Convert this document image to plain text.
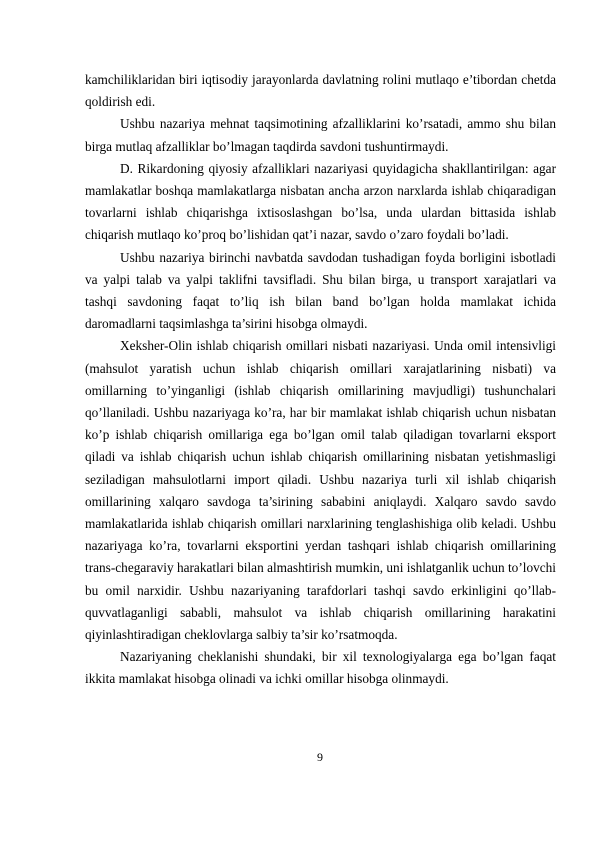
kamchiliklaridan biri iqtisodiy jarayonlarda davlatning rolini mutlaqo e’tibordan chetda qoldirish edi.

Ushbu nazariya mehnat taqsimotining afzalliklarini ko’rsatadi, ammo shu bilan birga mutlaq afzalliklar bo’lmagan taqdirda savdoni tushuntirmaydi.

D. Rikardoning qiyosiy afzalliklari nazariyasi quyidagicha shakllantirilgan: agar mamlakatlar boshqa mamlakatlarga nisbatan ancha arzon narxlarda ishlab chiqaradigan tovarlarni ishlab chiqarishga ixtisoslashgan bo’lsa, unda ulardan bittasida ishlab chiqarish mutlaqo ko’proq bo’lishidan qat’i nazar, savdo o’zaro foydali bo’ladi.

Ushbu nazariya birinchi navbatda savdodan tushadigan foyda borligini isbotladi va yalpi talab va yalpi taklifni tavsifladi. Shu bilan birga, u transport xarajatlari va tashqi savdoning faqat to’liq ish bilan band bo’lgan holda mamlakat ichida daromadlarni taqsimlashga ta’sirini hisobga olmaydi.

Xeksher-Olin ishlab chiqarish omillari nisbati nazariyasi. Unda omil intensivligi (mahsulot yaratish uchun ishlab chiqarish omillari xarajatlarining nisbati) va omillarning to’yinganligi (ishlab chiqarish omillarining mavjudligi) tushunchalari qo’llaniladi. Ushbu nazariyaga ko’ra, har bir mamlakat ishlab chiqarish uchun nisbatan ko’p ishlab chiqarish omillariga ega bo’lgan omil talab qiladigan tovarlarni eksport qiladi va ishlab chiqarish uchun ishlab chiqarish omillarining nisbatan yetishmasligi seziladigan mahsulotlarni import qiladi. Ushbu nazariya turli xil ishlab chiqarish omillarining xalqaro savdoga ta’sirining sababini aniqlaydi. Xalqaro savdo savdo mamlakatlarida ishlab chiqarish omillari narxlarining tenglashishiga olib keladi. Ushbu nazariyaga ko’ra, tovarlarni eksportini yerdan tashqari ishlab chiqarish omillarining trans-chegaraviy harakatlari bilan almashtirish mumkin, uni ishlatganlik uchun to’lovchi bu omil narxidir. Ushbu nazariyaning tarafdorlari tashqi savdo erkinligini qo’llab-quvvatlaganligi sababli, mahsulot va ishlab chiqarish omillarining harakatini qiyinlashtiradigan cheklovlarga salbiy ta’sir ko’rsatmoqda.

Nazariyaning cheklanishi shundaki, bir xil texnologiyalarga ega bo’lgan faqat ikkita mamlakat hisobga olinadi va ichki omillar hisobga olinmaydi.

9
